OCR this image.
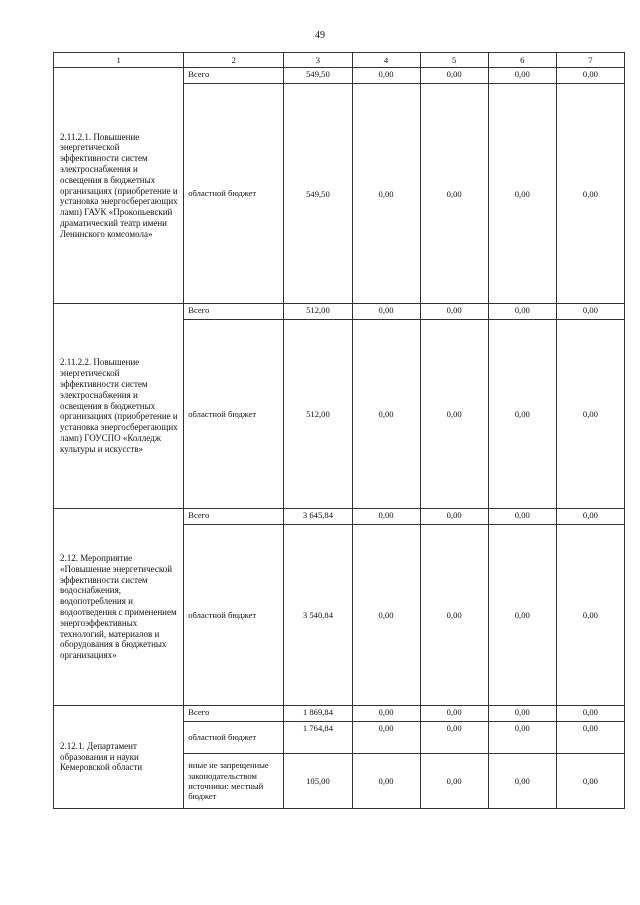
49
1	2	3	4	5	6	7
2.11.2.1. Повышение энергетической эффективности систем электроснабжения и освещения в бюджетных организациях (приобретение и установка энергосберегающих ламп) ГАУК «Прокопьевский драматический театр имени Ленинского комсомола»	Всего	549,50	0,00	0,00	0,00	0,00
	областной бюджет	549,50	0,00	0,00	0,00	0,00
2.11.2.2. Повышение энергетической эффективности систем электроснабжения и освещения в бюджетных организациях (приобретение и установка энергосберегающих ламп) ГОУСПО «Колледж культуры и искусств»	Всего	512,00	0,00	0,00	0,00	0,00
	областной бюджет	512,00	0,00	0,00	0,00	0,00
2.12. Мероприятие «Повышение энергетической эффективности систем водоснабжения, водопотребления и водоотведения с применением энергоэффективных технологий, материалов и оборудования в бюджетных организациях»	Всего	3 645,84	0,00	0,00	0,00	0,00
	областной бюджет	3 540,84	0,00	0,00	0,00	0,00
2.12.1. Департамент образования и науки Кемеровской области	Всего	1 869,84	0,00	0,00	0,00	0,00
	областной бюджет	1 764,84	0,00	0,00	0,00	0,00
	иные не запрещенные законодательством источники: местный бюджет	105,00	0,00	0,00	0,00	0,00
